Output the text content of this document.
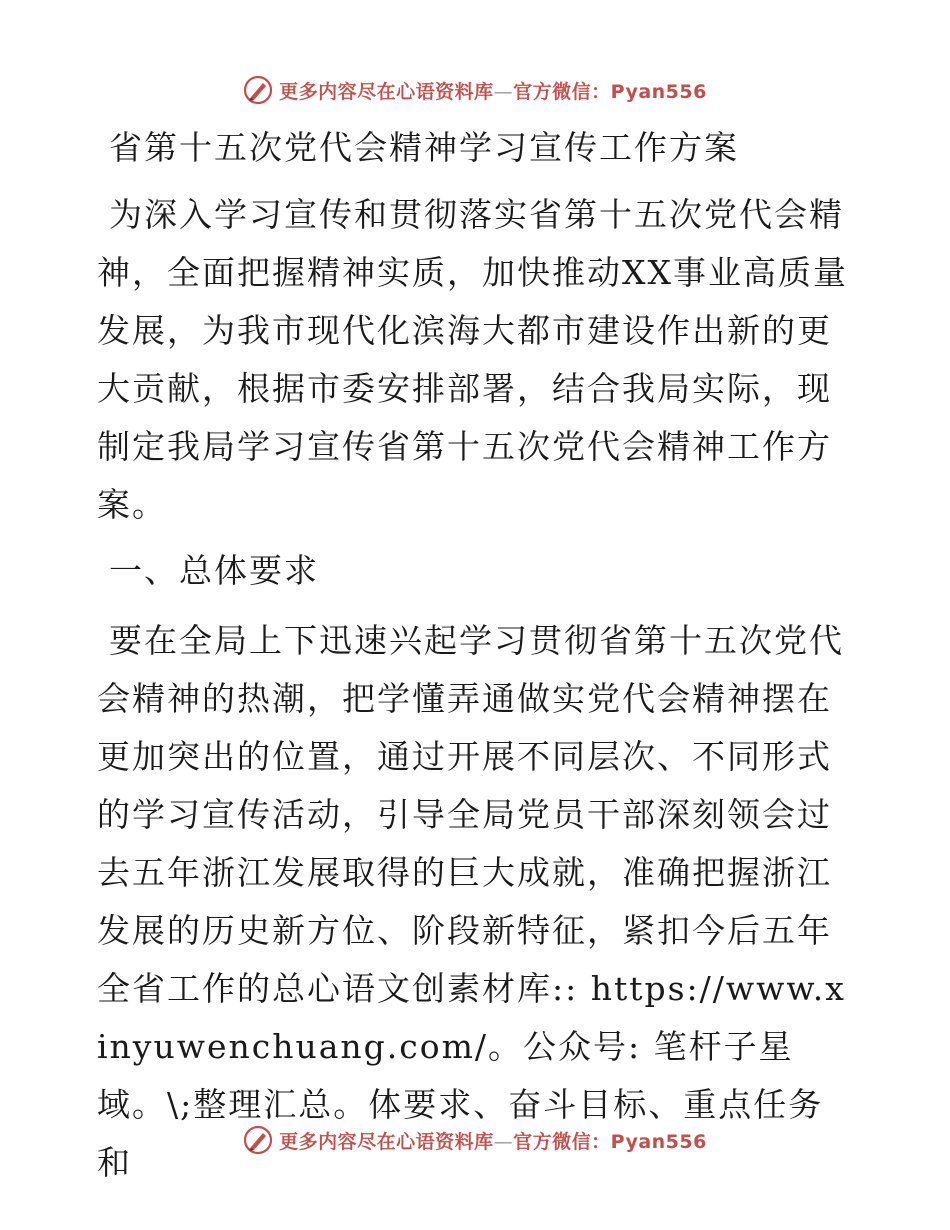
更多内容尽在心语资料库—官方微信：Pyan556
省第十五次党代会精神学习宣传工作方案

为深入学习宣传和贯彻落实省第十五次党代会精神，全面把握精神实质，加快推动XX事业高质量发展，为我市现代化滨海大都市建设作出新的更大贡献，根据市委安排部署，结合我局实际，现制定我局学习宣传省第十五次党代会精神工作方案。

一、总体要求

要在全局上下迅速兴起学习贯彻省第十五次党代会精神的热潮，把学懂弄通做实党代会精神摆在更加突出的位置，通过开展不同层次、不同形式的学习宣传活动，引导全局党员干部深刻领会过去五年浙江发展取得的巨大成就，准确把握浙江发展的历史新方位、阶段新特征，紧扣今后五年全省工作的总心语文创素材库:: https://www.xinyuwenchuang.com/。公众号: 笔杆子星域。\;整理汇总。体要求、奋斗目标、重点任务和

更多内容尽在心语资料库—官方微信：Pyan556
